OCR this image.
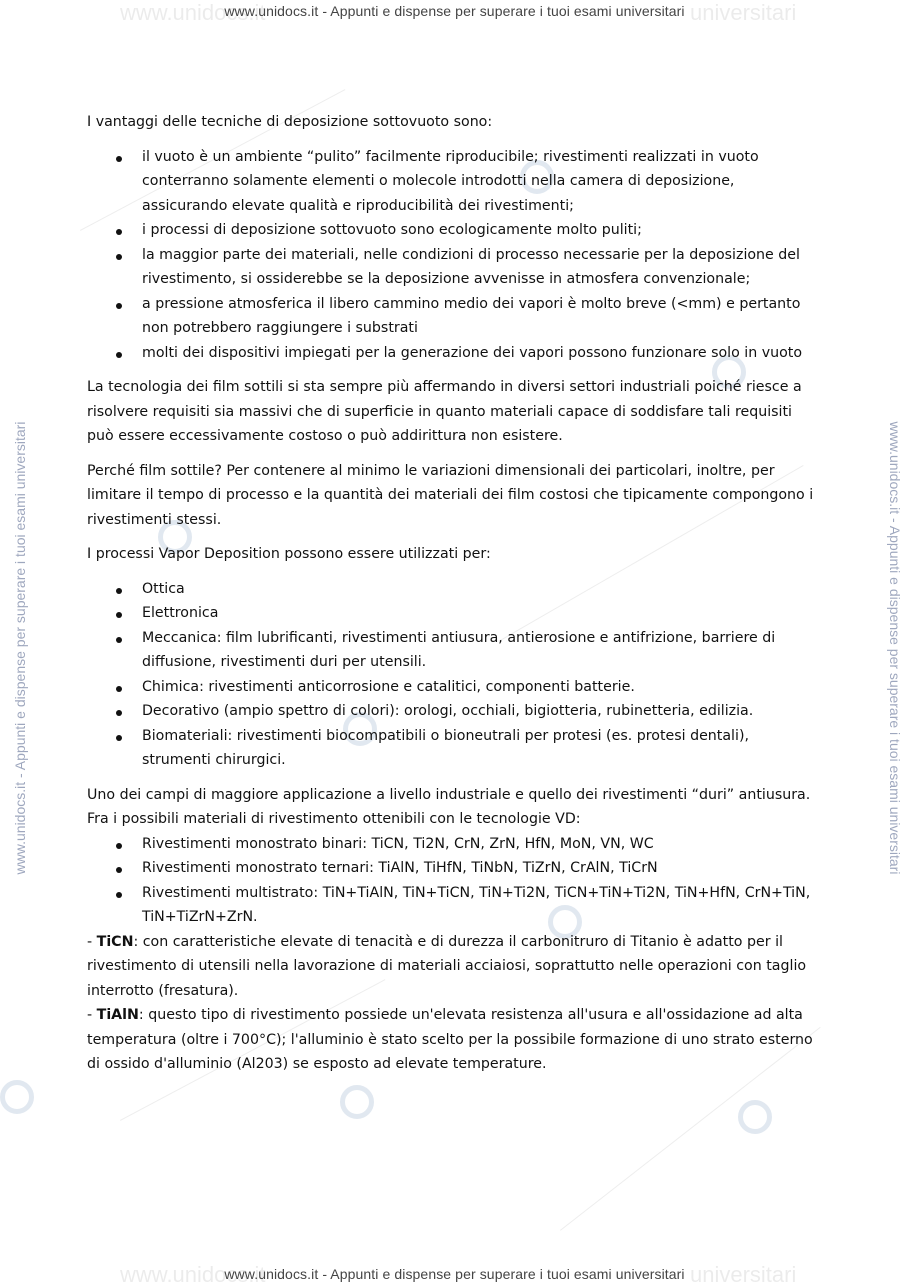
www.unidocs.it	universitari
www.unidocs.it - Appunti e dispense per superare i tuoi esami universitari
www.unidocs.it - Appunti e dispense per superare i tuoi esami universitari	www.unidocs.it - Appunti e dispense per superare i tuoi esami universitari

I vantaggi delle tecniche di deposizione sottovuoto sono:

il vuoto è un ambiente “pulito” facilmente riproducibile; rivestimenti realizzati in vuoto conterranno solamente elementi o molecole introdotti nella camera di deposizione, assicurando elevate qualità e riproducibilità dei rivestimenti;
i processi di deposizione sottovuoto sono ecologicamente molto puliti;
la maggior parte dei materiali, nelle condizioni di processo necessarie per la deposizione del rivestimento, si ossiderebbe se la deposizione avvenisse in atmosfera convenzionale;
a pressione atmosferica il libero cammino medio dei vapori è molto breve (<mm) e pertanto non potrebbero raggiungere i substrati
molti dei dispositivi impiegati per la generazione dei vapori possono funzionare solo in vuoto

La tecnologia dei film sottili si sta sempre più affermando in diversi settori industriali poiché riesce a risolvere requisiti sia massivi che di superficie in quanto materiali capace di soddisfare tali requisiti può essere eccessivamente costoso o può addirittura non esistere.

Perché film sottile? Per contenere al minimo le variazioni dimensionali dei particolari, inoltre, per limitare il tempo di processo e la quantità dei materiali dei film costosi che tipicamente compongono i rivestimenti stessi.

I processi Vapor Deposition possono essere utilizzati per:

Ottica
Elettronica
Meccanica: film lubrificanti, rivestimenti antiusura, antierosione e antifrizione, barriere di diffusione, rivestimenti duri per utensili.
Chimica: rivestimenti anticorrosione e catalitici, componenti batterie.
Decorativo (ampio spettro di colori): orologi, occhiali, bigiotteria, rubinetteria, edilizia.
Biomateriali: rivestimenti biocompatibili o bioneutrali per protesi (es. protesi dentali), strumenti chirurgici.

Uno dei campi di maggiore applicazione a livello industriale e quello dei rivestimenti “duri” antiusura.

Fra i possibili materiali di rivestimento ottenibili con le tecnologie VD:

Rivestimenti monostrato binari: TiCN, Ti2N, CrN, ZrN, HfN, MoN, VN, WC
Rivestimenti monostrato ternari: TiAlN, TiHfN, TiNbN, TiZrN, CrAlN, TiCrN
Rivestimenti multistrato: TiN+TiAlN, TiN+TiCN, TiN+Ti2N, TiCN+TiN+Ti2N, TiN+HfN, CrN+TiN, TiN+TiZrN+ZrN.

- TiCN: con caratteristiche elevate di tenacità e di durezza il carbonitruro di Titanio è adatto per il rivestimento di utensili nella lavorazione di materiali acciaiosi, soprattutto nelle operazioni con taglio interrotto (fresatura).

- TiAlN: questo tipo di rivestimento possiede un'elevata resistenza all'usura e all'ossidazione ad alta temperatura (oltre i 700°C); l'alluminio è stato scelto per la possibile formazione di uno strato esterno di ossido d'alluminio (Al203) se esposto ad elevate temperature.

www.unidocs.it	universitari
www.unidocs.it - Appunti e dispense per superare i tuoi esami universitari
